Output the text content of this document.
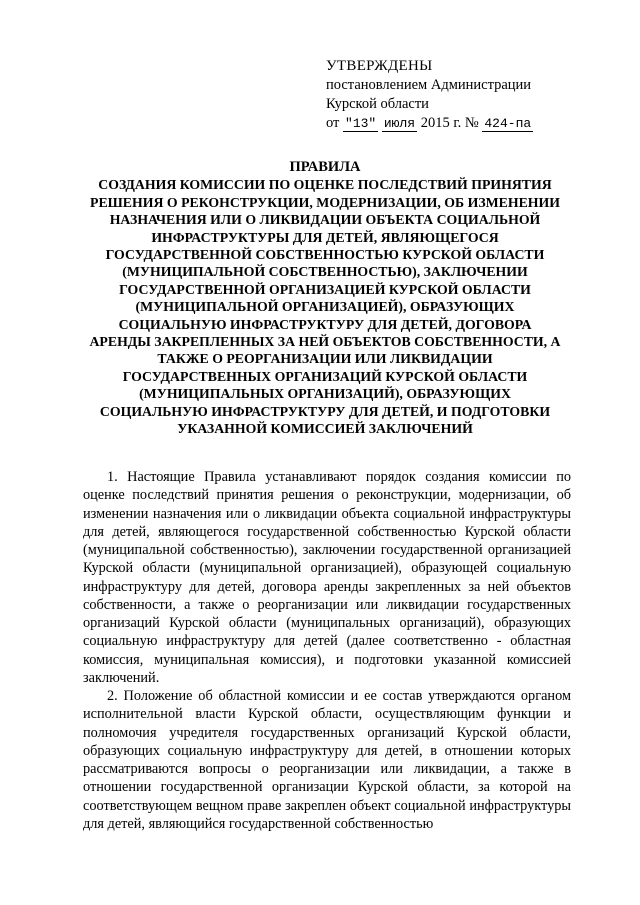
УТВЕРЖДЕНЫ
постановлением Администрации
Курской области
от "13" июля 2015 г. № 424-па
ПРАВИЛА
СОЗДАНИЯ КОМИССИИ ПО ОЦЕНКЕ ПОСЛЕДСТВИЙ ПРИНЯТИЯ
РЕШЕНИЯ О РЕКОНСТРУКЦИИ, МОДЕРНИЗАЦИИ, ОБ ИЗМЕНЕНИИ
НАЗНАЧЕНИЯ ИЛИ О ЛИКВИДАЦИИ ОБЪЕКТА СОЦИАЛЬНОЙ
ИНФРАСТРУКТУРЫ ДЛЯ ДЕТЕЙ, ЯВЛЯЮЩЕГОСЯ
ГОСУДАРСТВЕННОЙ СОБСТВЕННОСТЬЮ КУРСКОЙ ОБЛАСТИ
(МУНИЦИПАЛЬНОЙ СОБСТВЕННОСТЬЮ), ЗАКЛЮЧЕНИИ
ГОСУДАРСТВЕННОЙ ОРГАНИЗАЦИЕЙ КУРСКОЙ ОБЛАСТИ
(МУНИЦИПАЛЬНОЙ ОРГАНИЗАЦИЕЙ), ОБРАЗУЮЩИХ
СОЦИАЛЬНУЮ ИНФРАСТРУКТУРУ ДЛЯ ДЕТЕЙ, ДОГОВОРА
АРЕНДЫ ЗАКРЕПЛЕННЫХ ЗА НЕЙ ОБЪЕКТОВ СОБСТВЕННОСТИ, А
ТАКЖЕ О РЕОРГАНИЗАЦИИ ИЛИ ЛИКВИДАЦИИ
ГОСУДАРСТВЕННЫХ ОРГАНИЗАЦИЙ КУРСКОЙ ОБЛАСТИ
(МУНИЦИПАЛЬНЫХ ОРГАНИЗАЦИЙ), ОБРАЗУЮЩИХ
СОЦИАЛЬНУЮ ИНФРАСТРУКТУРУ ДЛЯ ДЕТЕЙ, И ПОДГОТОВКИ
УКАЗАННОЙ КОМИССИЕЙ ЗАКЛЮЧЕНИЙ

1. Настоящие Правила устанавливают порядок создания комиссии по оценке последствий принятия решения о реконструкции, модернизации, об изменении назначения или о ликвидации объекта социальной инфраструктуры для детей, являющегося государственной собственностью Курской области (муниципальной собственностью), заключении государственной организацией Курской области (муниципальной организацией), образующей социальную инфраструктуру для детей, договора аренды закрепленных за ней объектов собственности, а также о реорганизации или ликвидации государственных организаций Курской области (муниципальных организаций), образующих социальную инфраструктуру для детей (далее соответственно - областная комиссия, муниципальная комиссия), и подготовки указанной комиссией заключений.

2. Положение об областной комиссии и ее состав утверждаются органом исполнительной власти Курской области, осуществляющим функции и полномочия учредителя государственных организаций Курской области, образующих социальную инфраструктуру для детей, в отношении которых рассматриваются вопросы о реорганизации или ликвидации, а также в отношении государственной организации Курской области, за которой на соответствующем вещном праве закреплен объект социальной инфраструктуры для детей, являющийся государственной собственностью
